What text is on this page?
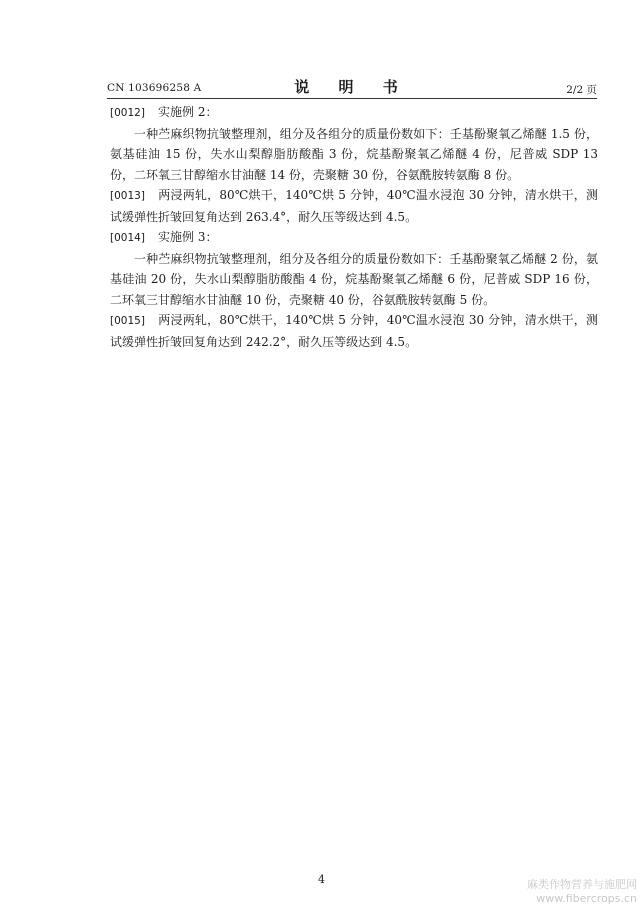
CN 103696258 A	说 明 书	2/2 页

[0012] 实施例 2：

一种苎麻织物抗皱整理剂，组分及各组分的质量份数如下：壬基酚聚氧乙烯醚 1.5 份，氨基硅油 15 份，失水山梨醇脂肪酸酯 3 份，烷基酚聚氧乙烯醚 4 份，尼普威 SDP 13 份，二环氧三甘醇缩水甘油醚 14 份，壳聚糖 30 份，谷氨酰胺转氨酶 8 份。

[0013] 两浸两轧，80℃烘干，140℃烘 5 分钟，40℃温水浸泡 30 分钟，清水烘干，测试缓弹性折皱回复角达到 263.4°，耐久压等级达到 4.5。

[0014] 实施例 3：

一种苎麻织物抗皱整理剂，组分及各组分的质量份数如下：壬基酚聚氧乙烯醚 2 份，氨基硅油 20 份，失水山梨醇脂肪酸酯 4 份，烷基酚聚氧乙烯醚 6 份，尼普威 SDP 16 份，二环氧三甘醇缩水甘油醚 10 份，壳聚糖 40 份，谷氨酰胺转氨酶 5 份。

[0015] 两浸两轧，80℃烘干，140℃烘 5 分钟，40℃温水浸泡 30 分钟，清水烘干，测试缓弹性折皱回复角达到 242.2°，耐久压等级达到 4.5。

4	麻类作物营养与施肥网
www.fibercrops.cn
